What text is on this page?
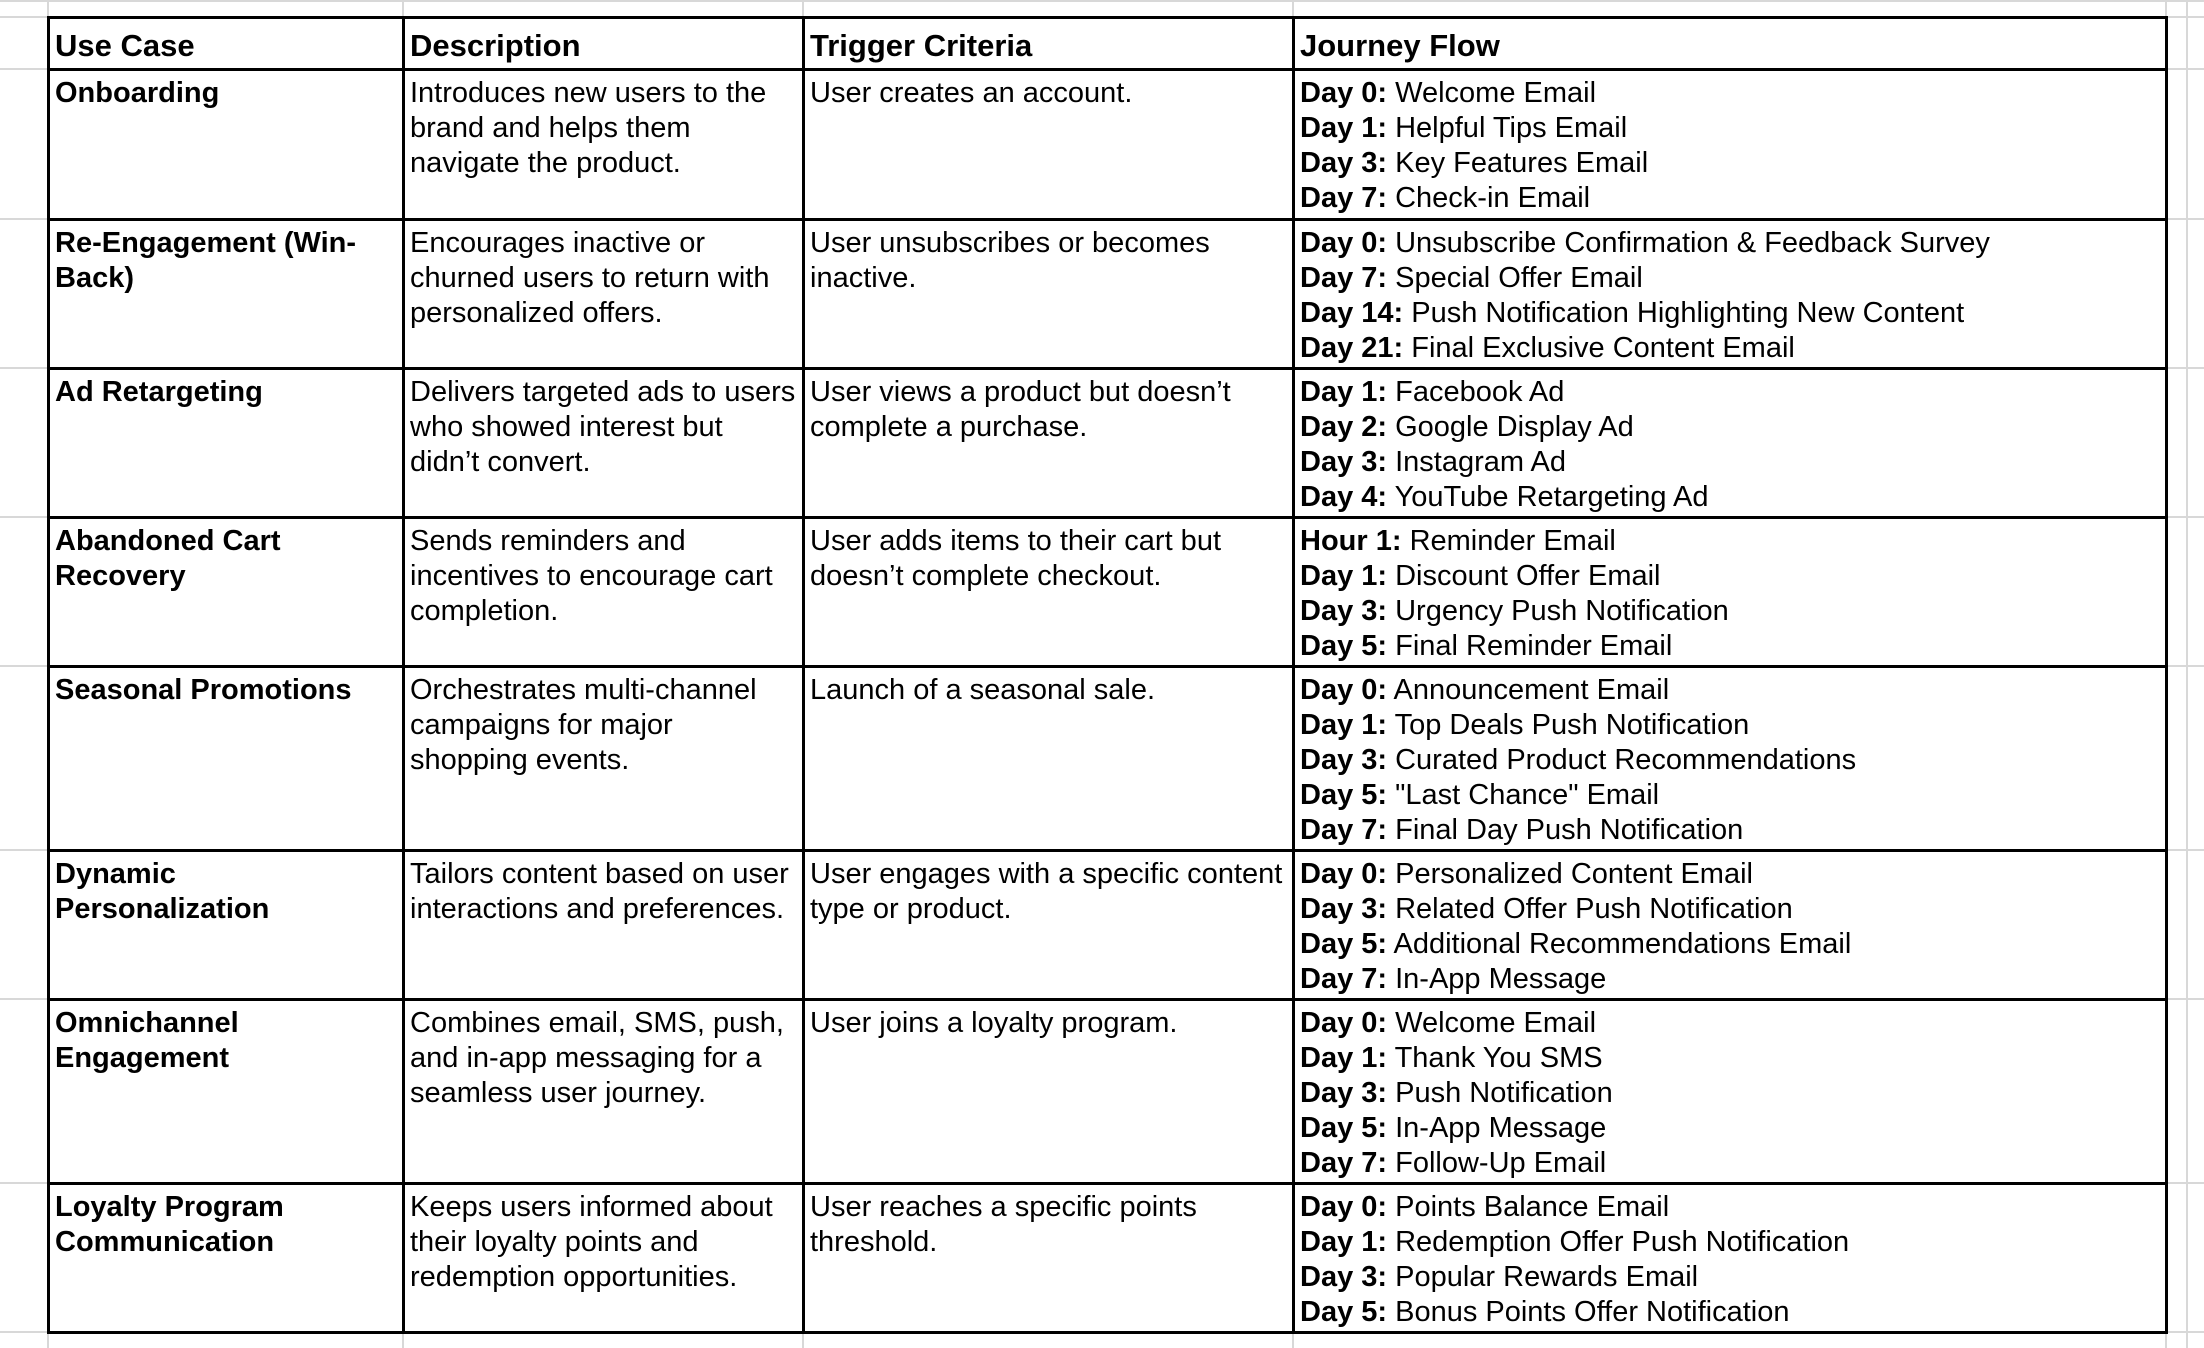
Use Case	Description	Trigger Criteria	Journey Flow
Onboarding	Introduces new users to the brand and helps them navigate the product.	User creates an account.	Day 0: Welcome Email
Day 1: Helpful Tips Email
Day 3: Key Features Email
Day 7: Check-in Email

Re-Engagement (Win-Back)	Encourages inactive or churned users to return with personalized offers.	User unsubscribes or becomes inactive.	Day 0: Unsubscribe Confirmation & Feedback Survey
Day 7: Special Offer Email
Day 14: Push Notification Highlighting New Content
Day 21: Final Exclusive Content Email

Ad Retargeting	Delivers targeted ads to users who showed interest but didn’t convert.	User views a product but doesn’t complete a purchase.	Day 1: Facebook Ad
Day 2: Google Display Ad
Day 3: Instagram Ad
Day 4: YouTube Retargeting Ad

Abandoned Cart Recovery	Sends reminders and incentives to encourage cart completion.	User adds items to their cart but doesn’t complete checkout.	Hour 1: Reminder Email
Day 1: Discount Offer Email
Day 3: Urgency Push Notification
Day 5: Final Reminder Email

Seasonal Promotions	Orchestrates multi-channel campaigns for major shopping events.	Launch of a seasonal sale.	Day 0: Announcement Email
Day 1: Top Deals Push Notification
Day 3: Curated Product Recommendations
Day 5: "Last Chance" Email
Day 7: Final Day Push Notification

Dynamic Personalization	Tailors content based on user interactions and preferences.	User engages with a specific content type or product.	Day 0: Personalized Content Email
Day 3: Related Offer Push Notification
Day 5: Additional Recommendations Email
Day 7: In-App Message

Omnichannel Engagement	Combines email, SMS, push, and in-app messaging for a seamless user journey.	User joins a loyalty program.	Day 0: Welcome Email
Day 1: Thank You SMS
Day 3: Push Notification
Day 5: In-App Message
Day 7: Follow-Up Email

Loyalty Program Communication	Keeps users informed about their loyalty points and redemption opportunities.	User reaches a specific points threshold.	Day 0: Points Balance Email
Day 1: Redemption Offer Push Notification
Day 3: Popular Rewards Email
Day 5: Bonus Points Offer Notification
